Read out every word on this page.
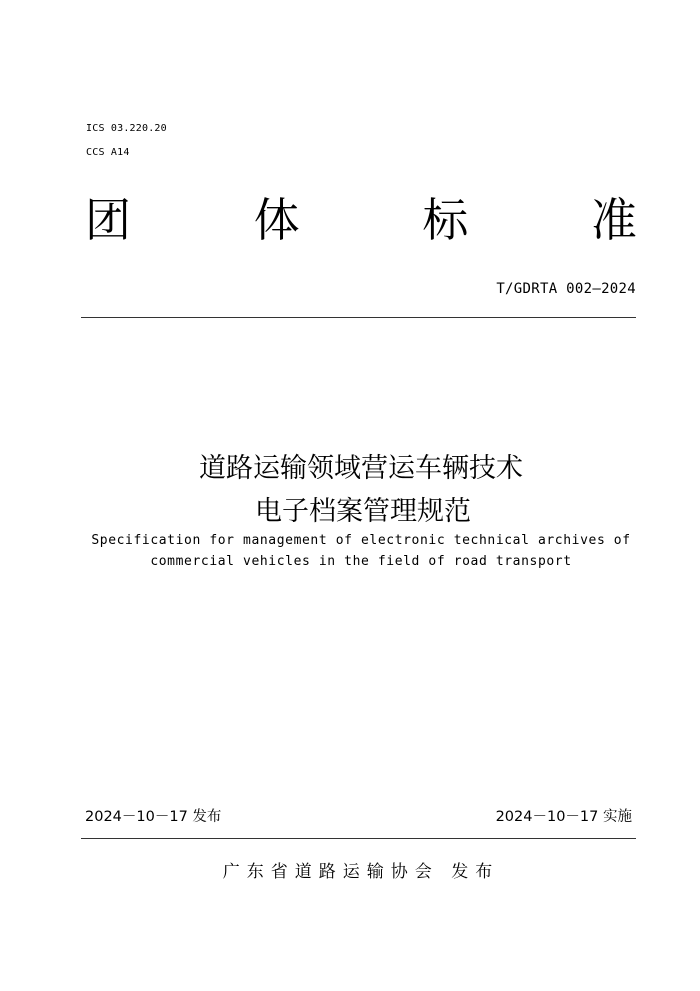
ICS 03.220.20
CCS A14
团	体	标	准
T/GDRTA 002—2024
道路运输领域营运车辆技术
电子档案管理规范
Specification for management of electronic technical archives of
commercial vehicles in the field of road transport
2024－10－17 发布	2024－10－17 实施
广东省道路运输协会 发布
